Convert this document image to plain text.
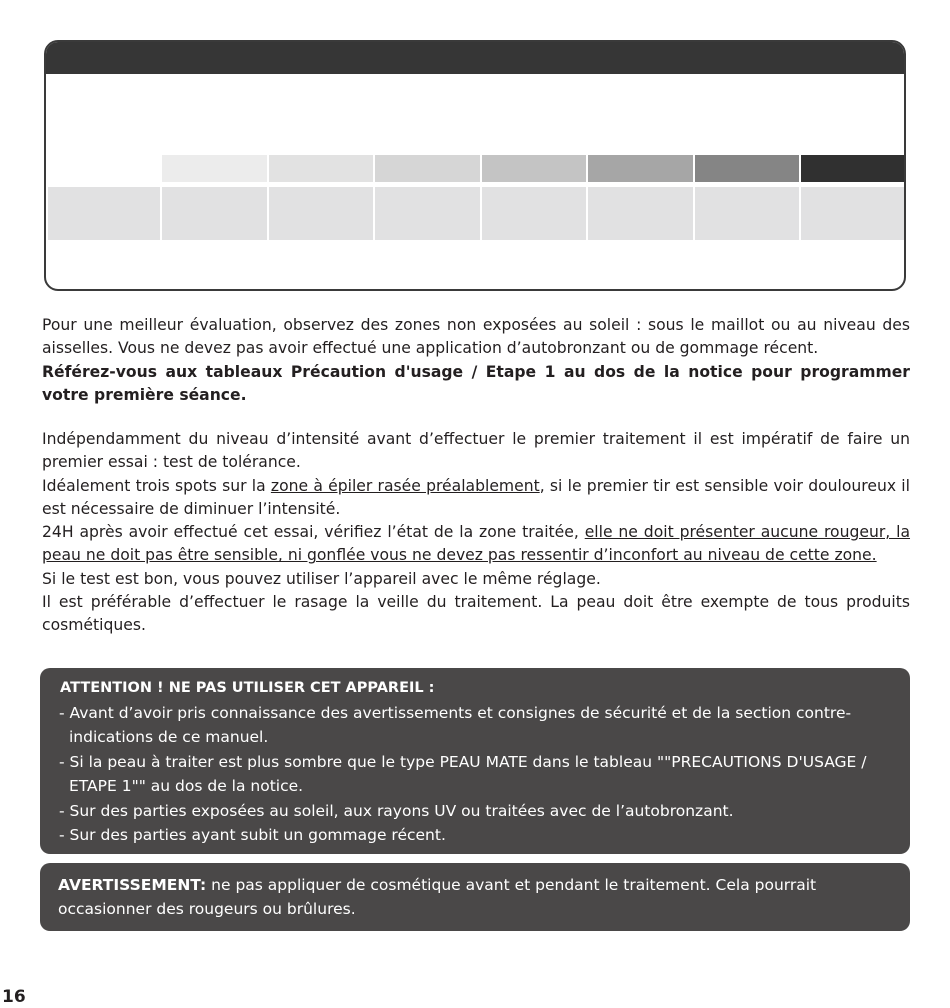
Pour une meilleur évaluation, observez des zones non exposées au soleil : sous le maillot ou au niveau des aisselles. Vous ne devez pas avoir effectué une application d’autobronzant ou de gommage récent.

Référez-vous aux tableaux Précaution d'usage / Etape 1 au dos de la notice pour programmer votre première séance.

Indépendamment du niveau d’intensité avant d’effectuer le premier traitement il est impératif de faire un premier essai : test de tolérance.

Idéalement trois spots sur la zone à épiler rasée préalablement, si le premier tir est sensible voir douloureux il est nécessaire de diminuer l’intensité.

24H après avoir effectué cet essai, vérifiez l’état de la zone traitée, elle ne doit présenter aucune rougeur, la peau ne doit pas être sensible, ni gonflée vous ne devez pas ressentir d’inconfort au niveau de cette zone.

Si le test est bon, vous pouvez utiliser l’appareil avec le même réglage.

Il est préférable d’effectuer le rasage la veille du traitement. La peau doit être exempte de tous produits cosmétiques.

ATTENTION ! NE PAS UTILISER CET APPAREIL :
- Avant d’avoir pris connaissance des avertissements et consignes de sécurité et de la section contre-indications de ce manuel.
- Si la peau à traiter est plus sombre que le type PEAU MATE dans le tableau ""PRECAUTIONS D'USAGE / ETAPE 1"" au dos de la notice.
- Sur des parties exposées au soleil, aux rayons UV ou traitées avec de l’autobronzant.
- Sur des parties ayant subit un gommage récent.
AVERTISSEMENT: ne pas appliquer de cosmétique avant et pendant le traitement. Cela pourrait occasionner des rougeurs ou brûlures.
16
